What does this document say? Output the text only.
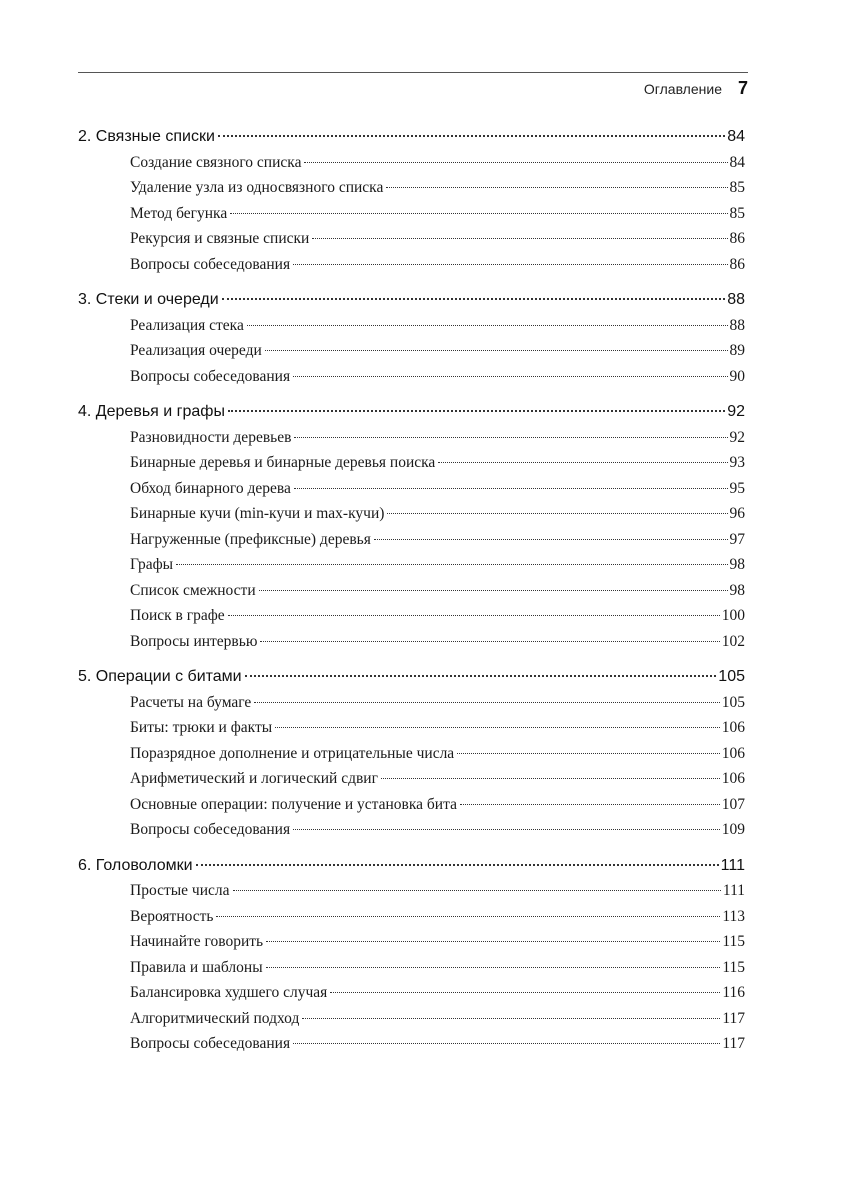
Оглавление 7
2. Связные списки	84
Создание связного списка	84
Удаление узла из односвязного списка	85
Метод бегунка	85
Рекурсия и связные списки	86
Вопросы собеседования	86
3. Стеки и очереди	88
Реализация стека	88
Реализация очереди	89
Вопросы собеседования	90
4. Деревья и графы	92
Разновидности деревьев	92
Бинарные деревья и бинарные деревья поиска	93
Обход бинарного дерева	95
Бинарные кучи (min-кучи и max-кучи)	96
Нагруженные (префиксные) деревья	97
Графы	98
Список смежности	98
Поиск в графе	100
Вопросы интервью	102
5. Операции с битами	105
Расчеты на бумаге	105
Биты: трюки и факты	106
Поразрядное дополнение и отрицательные числа	106
Арифметический и логический сдвиг	106
Основные операции: получение и установка бита	107
Вопросы собеседования	109
6. Головоломки	111
Простые числа	111
Вероятность	113
Начинайте говорить	115
Правила и шаблоны	115
Балансировка худшего случая	116
Алгоритмический подход	117
Вопросы собеседования	117
